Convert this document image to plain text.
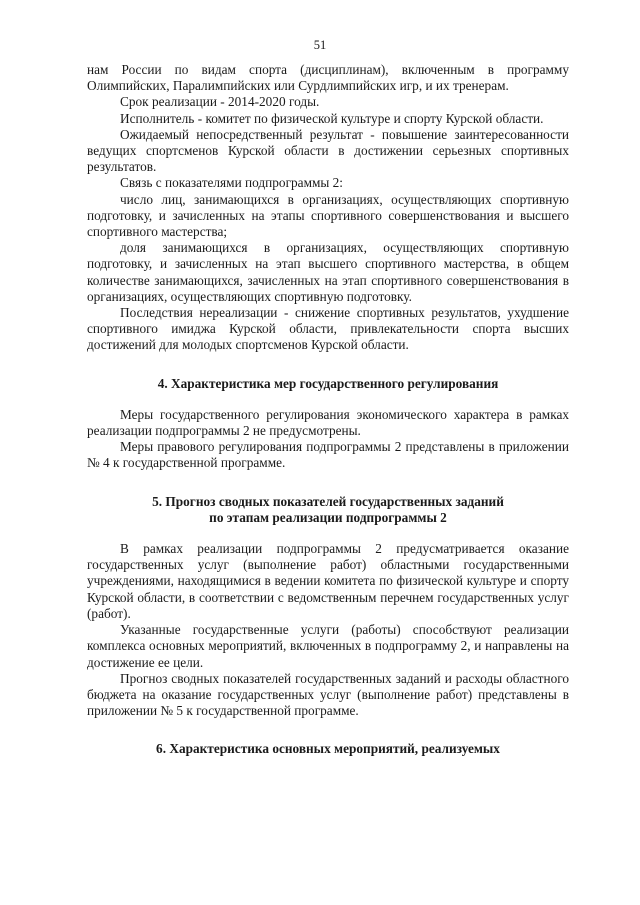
51

нам России по видам спорта (дисциплинам), включенным в программу Олимпийских, Паралимпийских или Сурдлимпийских игр, и их тренерам.

Срок реализации - 2014-2020 годы.

Исполнитель - комитет по физической культуре и спорту Курской области.

Ожидаемый непосредственный результат - повышение заинтересованности ведущих спортсменов Курской области в достижении серьезных спортивных результатов.

Связь с показателями подпрограммы 2:

число лиц, занимающихся в организациях, осуществляющих спортивную подготовку, и зачисленных на этапы спортивного совершенствования и высшего спортивного мастерства;

доля занимающихся в организациях, осуществляющих спортивную подготовку, и зачисленных на этап высшего спортивного мастерства, в общем количестве занимающихся, зачисленных на этап спортивного совершенствования в организациях, осуществляющих спортивную подготовку.

Последствия нереализации - снижение спортивных результатов, ухудшение спортивного имиджа Курской области, привлекательности спорта высших достижений для молодых спортсменов Курской области.

4. Характеристика мер государственного регулирования

Меры государственного регулирования экономического характера в рамках реализации подпрограммы 2 не предусмотрены.

Меры правового регулирования подпрограммы 2 представлены в приложении № 4 к государственной программе.

5. Прогноз сводных показателей государственных заданий
по этапам реализации подпрограммы 2

В рамках реализации подпрограммы 2 предусматривается оказание государственных услуг (выполнение работ) областными государственными учреждениями, находящимися в ведении комитета по физической культуре и спорту Курской области, в соответствии с ведомственным перечнем государственных услуг (работ).

Указанные государственные услуги (работы) способствуют реализации комплекса основных мероприятий, включенных в подпрограмму 2, и направлены на достижение ее цели.

Прогноз сводных показателей государственных заданий и расходы областного бюджета на оказание государственных услуг (выполнение работ) представлены в приложении № 5 к государственной программе.

6. Характеристика основных мероприятий, реализуемых
